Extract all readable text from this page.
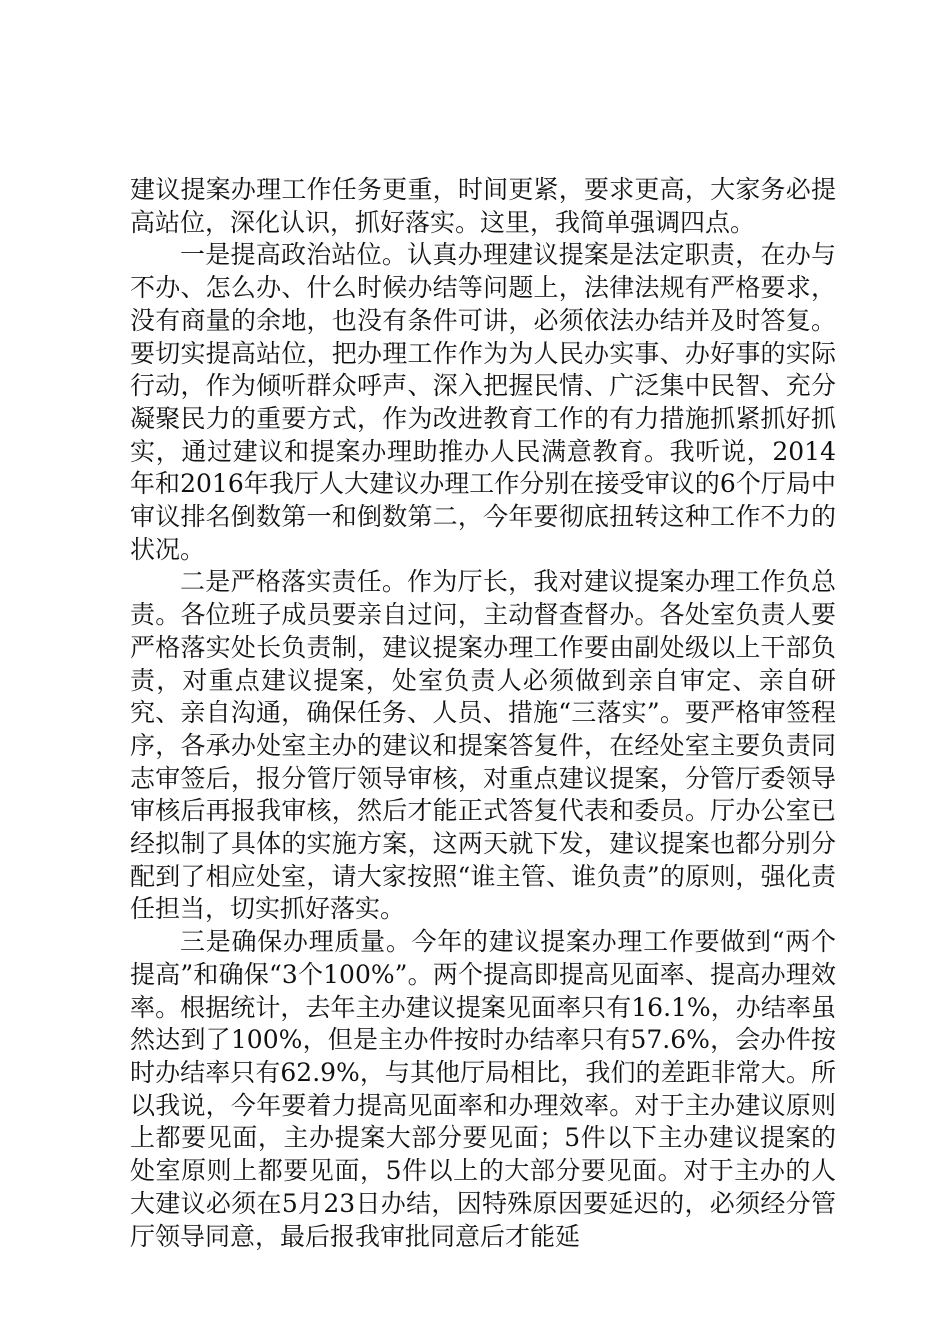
建议提案办理工作任务更重，时间更紧，要求更高，大家务必提高站位，深化认识，抓好落实。这里，我简单强调四点。

一是提高政治站位。认真办理建议提案是法定职责，在办与不办、怎么办、什么时候办结等问题上，法律法规有严格要求，没有商量的余地，也没有条件可讲，必须依法办结并及时答复。要切实提高站位，把办理工作作为为人民办实事、办好事的实际行动，作为倾听群众呼声、深入把握民情、广泛集中民智、充分凝聚民力的重要方式，作为改进教育工作的有力措施抓紧抓好抓实，通过建议和提案办理助推办人民满意教育。我听说，2014年和2016年我厅人大建议办理工作分别在接受审议的6个厅局中审议排名倒数第一和倒数第二，今年要彻底扭转这种工作不力的状况。

二是严格落实责任。作为厅长，我对建议提案办理工作负总责。各位班子成员要亲自过问，主动督查督办。各处室负责人要严格落实处长负责制，建议提案办理工作要由副处级以上干部负责，对重点建议提案，处室负责人必须做到亲自审定、亲自研究、亲自沟通，确保任务、人员、措施“三落实”。要严格审签程序，各承办处室主办的建议和提案答复件，在经处室主要负责同志审签后，报分管厅领导审核，对重点建议提案，分管厅委领导审核后再报我审核，然后才能正式答复代表和委员。厅办公室已经拟制了具体的实施方案，这两天就下发，建议提案也都分别分配到了相应处室，请大家按照“谁主管、谁负责”的原则，强化责任担当，切实抓好落实。

三是确保办理质量。今年的建议提案办理工作要做到“两个提高”和确保“3个100%”。两个提高即提高见面率、提高办理效率。根据统计，去年主办建议提案见面率只有16.1%，办结率虽然达到了100%，但是主办件按时办结率只有57.6%，会办件按时办结率只有62.9%，与其他厅局相比，我们的差距非常大。所以我说，今年要着力提高见面率和办理效率。对于主办建议原则上都要见面，主办提案大部分要见面；5件以下主办建议提案的处室原则上都要见面，5件以上的大部分要见面。对于主办的人大建议必须在5月23日办结，因特殊原因要延迟的，必须经分管厅领导同意，最后报我审批同意后才能延
